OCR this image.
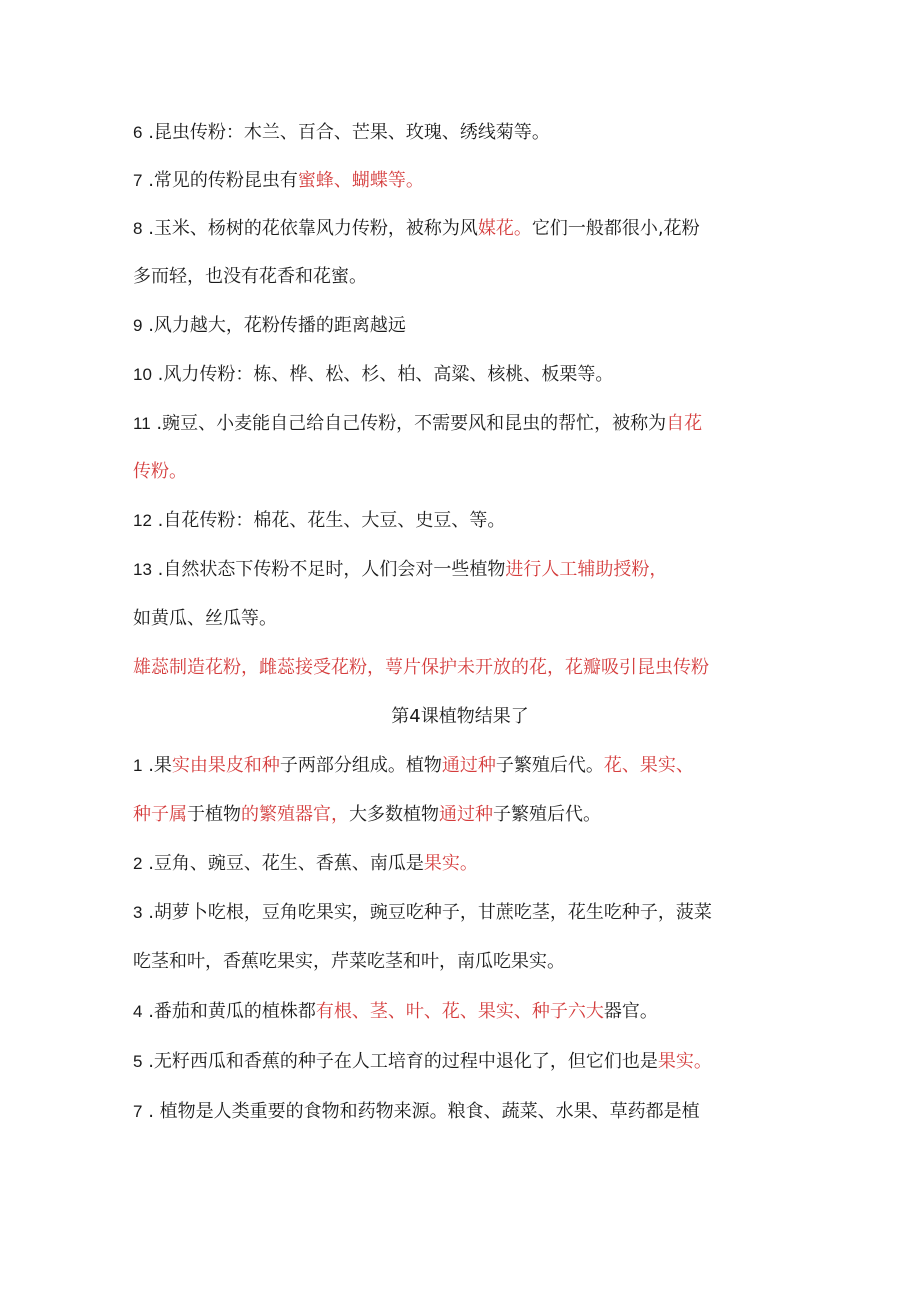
6 .昆虫传粉：木兰、百合、芒果、玫瑰、绣线菊等。
7 .常见的传粉昆虫有蜜蜂、蝴蝶等。
8 .玉米、杨树的花依靠风力传粉，被称为风媒花。它们一般都很小,花粉
多而轻，也没有花香和花蜜。
9 .风力越大，花粉传播的距离越远
10 .风力传粉：栋、桦、松、杉、柏、高粱、核桃、板栗等。
11 .豌豆、小麦能自己给自己传粉，不需要风和昆虫的帮忙，被称为自花
传粉。
12 .自花传粉：棉花、花生、大豆、史豆、等。
13 .自然状态下传粉不足时，人们会对一些植物进行人工辅助授粉，
如黄瓜、丝瓜等。
雄蕊制造花粉，雌蕊接受花粉，萼片保护未开放的花，花瓣吸引昆虫传粉
第4课植物结果了
1 .果实由果皮和种子两部分组成。植物通过种子繁殖后代。花、果实、
种子属于植物的繁殖器官，大多数植物通过种子繁殖后代。
2 .豆角、豌豆、花生、香蕉、南瓜是果实。
3 .胡萝卜吃根，豆角吃果实，豌豆吃种子，甘蔗吃茎，花生吃种子，菠菜
吃茎和叶，香蕉吃果实，芹菜吃茎和叶，南瓜吃果实。
4 .番茄和黄瓜的植株都有根、茎、叶、花、果实、种子六大器官。
5 .无籽西瓜和香蕉的种子在人工培育的过程中退化了，但它们也是果实。
7 . 植物是人类重要的食物和药物来源。粮食、蔬菜、水果、草药都是植
